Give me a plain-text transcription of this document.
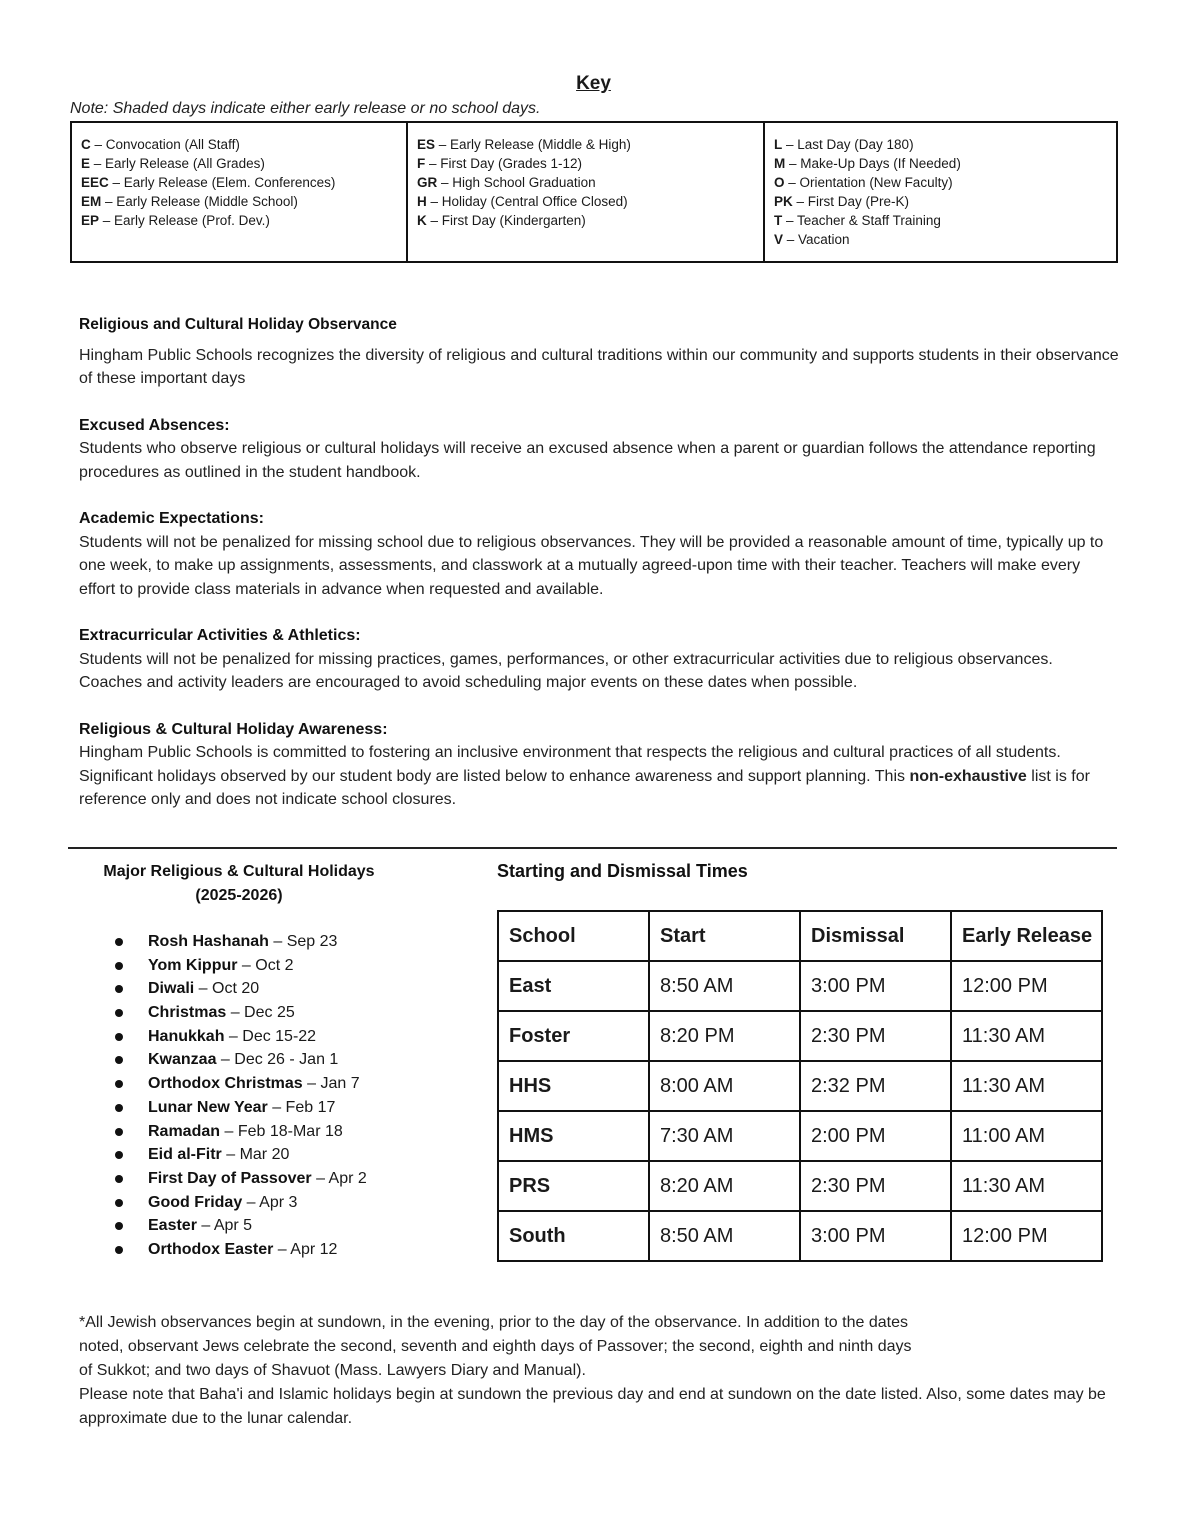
Key
Note: Shaded days indicate either early release or no school days.
C – Convocation (All Staff)
E – Early Release (All Grades)
EEC – Early Release (Elem. Conferences)
EM – Early Release (Middle School)
EP – Early Release (Prof. Dev.)
ES – Early Release (Middle & High)
F – First Day (Grades 1-12)
GR – High School Graduation
H – Holiday (Central Office Closed)
K – First Day (Kindergarten)
L – Last Day (Day 180)
M – Make-Up Days (If Needed)
O – Orientation (New Faculty)
PK – First Day (Pre-K)
T – Teacher & Staff Training
V – Vacation
Religious and Cultural Holiday Observance
Hingham Public Schools recognizes the diversity of religious and cultural traditions within our community and supports students in their observance of these important days
Excused Absences:
Students who observe religious or cultural holidays will receive an excused absence when a parent or guardian follows the attendance reporting procedures as outlined in the student handbook.
Academic Expectations:
Students will not be penalized for missing school due to religious observances. They will be provided a reasonable amount of time, typically up to one week, to make up assignments, assessments, and classwork at a mutually agreed-upon time with their teacher. Teachers will make every effort to provide class materials in advance when requested and available.
Extracurricular Activities & Athletics:
Students will not be penalized for missing practices, games, performances, or other extracurricular activities due to religious observances. Coaches and activity leaders are encouraged to avoid scheduling major events on these dates when possible.
Religious & Cultural Holiday Awareness:
Hingham Public Schools is committed to fostering an inclusive environment that respects the religious and cultural practices of all students. Significant holidays observed by our student body are listed below to enhance awareness and support planning. This non-exhaustive list is for reference only and does not indicate school closures.
Major Religious & Cultural Holidays
(2025-2026)
Rosh Hashanah – Sep 23
Yom Kippur – Oct 2
Diwali – Oct 20
Christmas – Dec 25
Hanukkah – Dec 15-22
Kwanzaa – Dec 26 - Jan 1
Orthodox Christmas – Jan 7
Lunar New Year – Feb 17
Ramadan – Feb 18-Mar 18
Eid al-Fitr – Mar 20
First Day of Passover – Apr 2
Good Friday – Apr 3
Easter – Apr 5
Orthodox Easter – Apr 12
Starting and Dismissal Times
School	Start	Dismissal	Early Release
East	8:50 AM	3:00 PM	12:00 PM
Foster	8:20 PM	2:30 PM	11:30 AM
HHS	8:00 AM	2:32 PM	11:30 AM
HMS	7:30 AM	2:00 PM	11:00 AM
PRS	8:20 AM	2:30 PM	11:30 AM
South	8:50 AM	3:00 PM	12:00 PM
*All Jewish observances begin at sundown, in the evening, prior to the day of the observance. In addition to the dates
noted, observant Jews celebrate the second, seventh and eighth days of Passover; the second, eighth and ninth days
of Sukkot; and two days of Shavuot (Mass. Lawyers Diary and Manual).
Please note that Baha'i and Islamic holidays begin at sundown the previous day and end at sundown on the date listed. Also, some dates may be approximate due to the lunar calendar.
